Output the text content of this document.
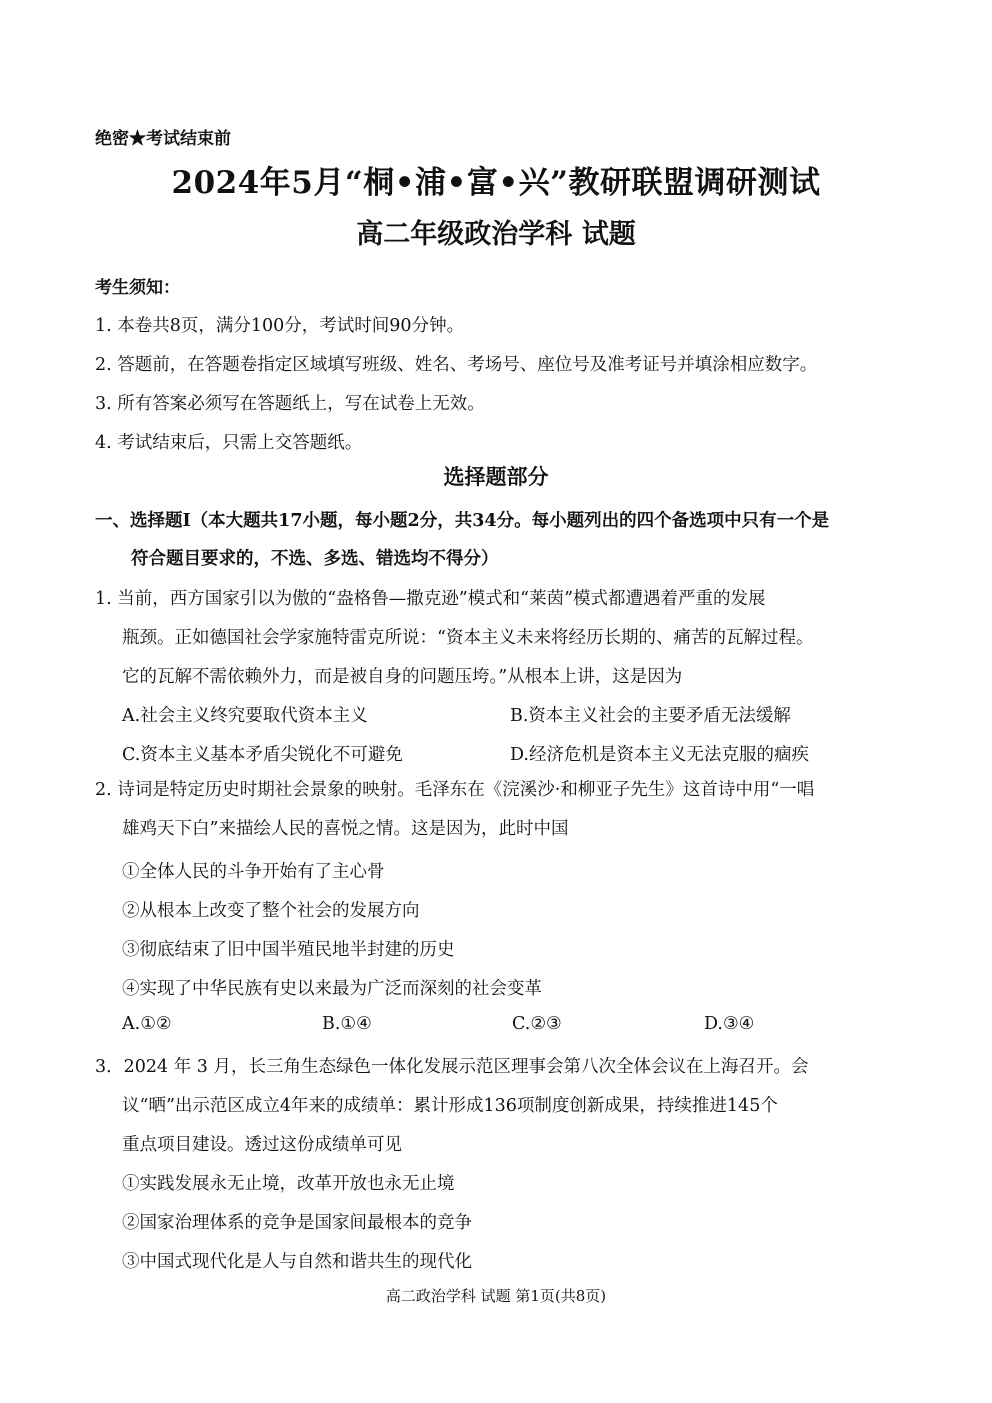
绝密★考试结束前
2024年5月“桐•浦•富•兴”教研联盟调研测试
高二年级政治学科 试题
考生须知：
1. 本卷共8页，满分100分，考试时间90分钟。
2. 答题前，在答题卷指定区域填写班级、姓名、考场号、座位号及准考证号并填涂相应数字。
3. 所有答案必须写在答题纸上，写在试卷上无效。
4. 考试结束后，只需上交答题纸。
选择题部分
一、选择题Ⅰ（本大题共17小题，每小题2分，共34分。每小题列出的四个备选项中只有一个是
符合题目要求的，不选、多选、错选均不得分）
1. 当前，西方国家引以为傲的“盎格鲁—撒克逊”模式和“莱茵”模式都遭遇着严重的发展
瓶颈。正如德国社会学家施特雷克所说：“资本主义未来将经历长期的、痛苦的瓦解过程。
它的瓦解不需依赖外力，而是被自身的问题压垮。”从根本上讲，这是因为
A.社会主义终究要取代资本主义	B.资本主义社会的主要矛盾无法缓解
C.资本主义基本矛盾尖锐化不可避免	D.经济危机是资本主义无法克服的痼疾
2. 诗词是特定历史时期社会景象的映射。毛泽东在《浣溪沙·和柳亚子先生》这首诗中用“一唱
雄鸡天下白”来描绘人民的喜悦之情。这是因为，此时中国
①全体人民的斗争开始有了主心骨
②从根本上改变了整个社会的发展方向
③彻底结束了旧中国半殖民地半封建的历史
④实现了中华民族有史以来最为广泛而深刻的社会变革
A.①②	B.①④	C.②③	D.③④
3．2024 年 3 月，长三角生态绿色一体化发展示范区理事会第八次全体会议在上海召开。会
议“晒”出示范区成立4年来的成绩单：累计形成136项制度创新成果，持续推进145个
重点项目建设。透过这份成绩单可见
①实践发展永无止境，改革开放也永无止境
②国家治理体系的竞争是国家间最根本的竞争
③中国式现代化是人与自然和谐共生的现代化
高二政治学科 试题 第1页(共8页)
